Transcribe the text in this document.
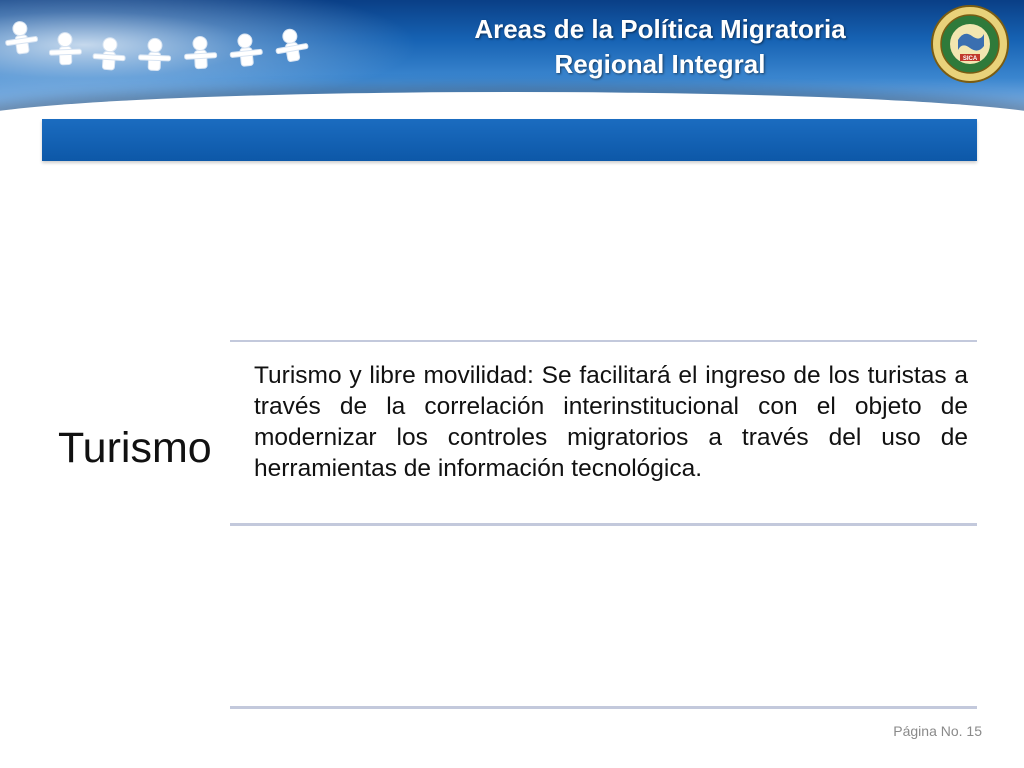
Areas de la Política Migratoria
Regional Integral	SICA
Turismo
Turismo y libre movilidad: Se facilitará el ingreso de los turistas a través de la correlación interinstitucional con el objeto de modernizar los controles migratorios a través del uso de herramientas de información tecnológica.
Página No. 15
